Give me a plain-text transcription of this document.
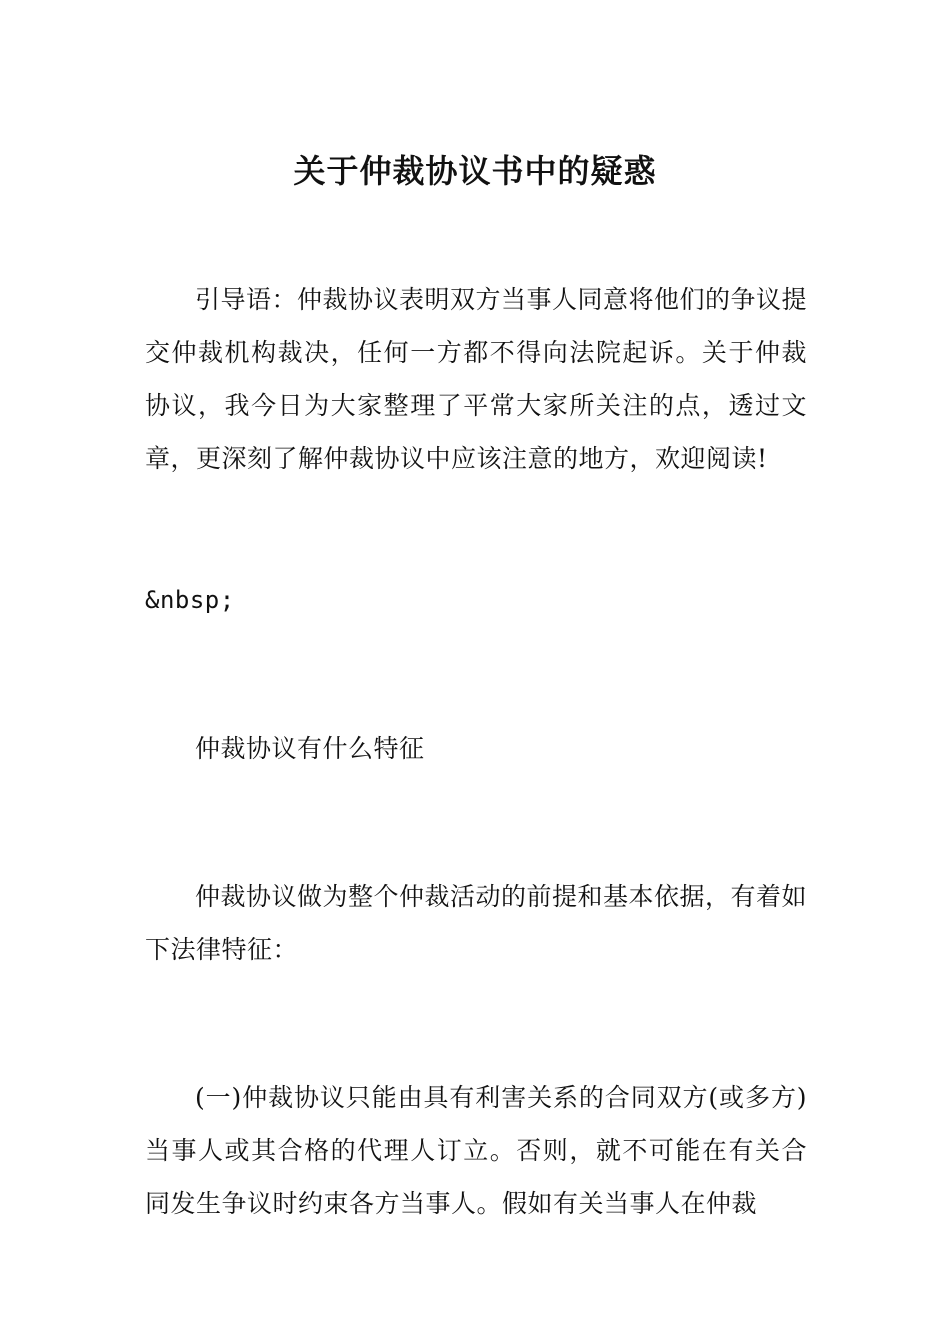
关于仲裁协议书中的疑惑

引导语：仲裁协议表明双方当事人同意将他们的争议提交仲裁机构裁决，任何一方都不得向法院起诉。关于仲裁协议，我今日为大家整理了平常大家所关注的点，透过文章，更深刻了解仲裁协议中应该注意的地方，欢迎阅读!

&nbsp;

仲裁协议有什么特征

仲裁协议做为整个仲裁活动的前提和基本依据，有着如下法律特征：

(一)仲裁协议只能由具有利害关系的合同双方(或多方)当事人或其合格的代理人订立。否则，就不可能在有关合同发生争议时约束各方当事人。假如有关当事人在仲裁
